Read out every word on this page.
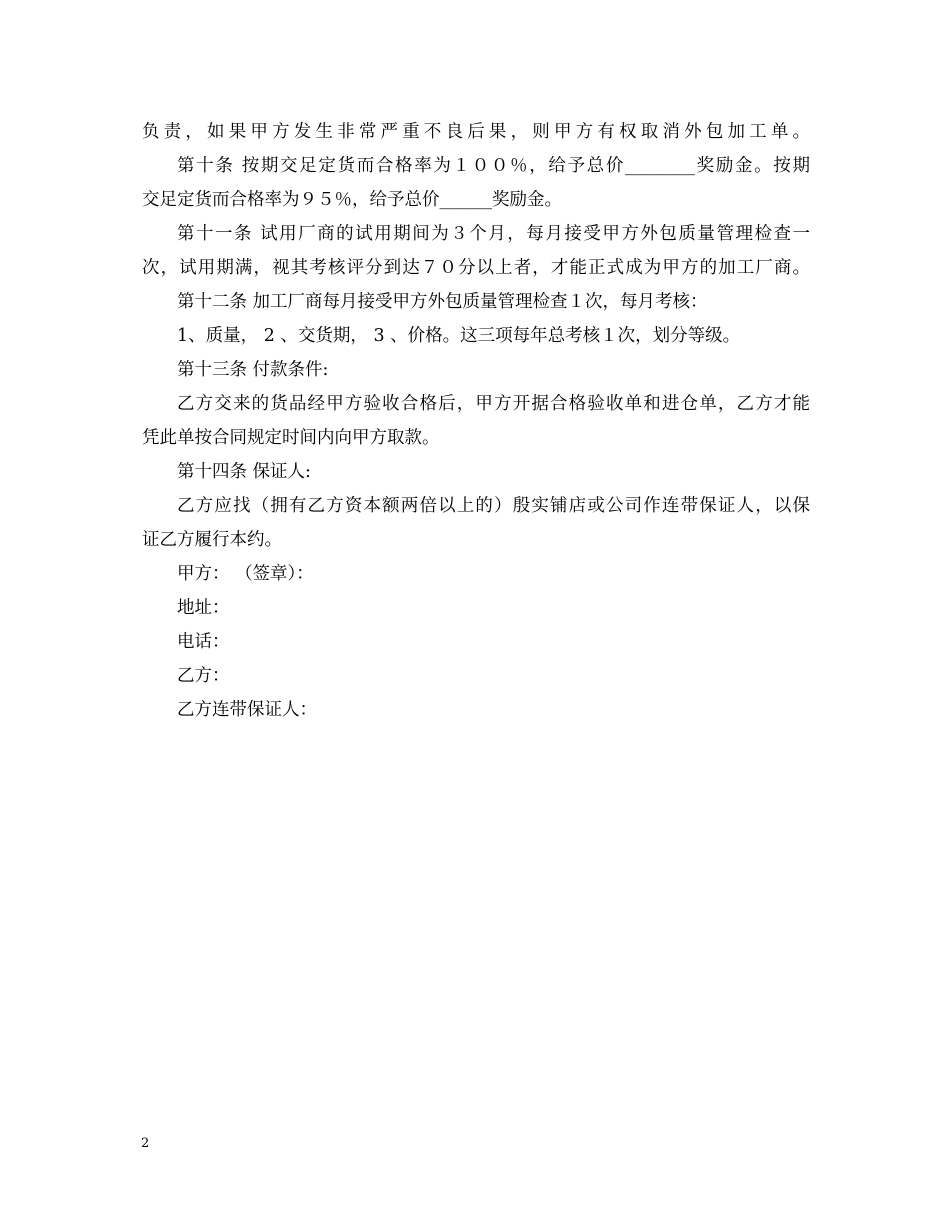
负责，如果甲方发生非常严重不良后果，则甲方有权取消外包加工单。
第十条 按期交足定货而合格率为１００％，给予总价________奖励金。按期
交足定货而合格率为９５％，给予总价______奖励金。
第十一条 试用厂商的试用期间为３个月，每月接受甲方外包质量管理检查一
次，试用期满，视其考核评分到达７０分以上者，才能正式成为甲方的加工厂商。
第十二条 加工厂商每月接受甲方外包质量管理检查１次，每月考核：
1、质量， 2 、交货期， 3 、价格。这三项每年总考核１次，划分等级。
第十三条 付款条件:
乙方交来的货品经甲方验收合格后，甲方开据合格验收单和进仓单，乙方才能
凭此单按合同规定时间内向甲方取款。
第十四条 保证人:
乙方应找（拥有乙方资本额两倍以上的）殷实铺店或公司作连带保证人，以保
证乙方履行本约。
甲方： （签章）：
地址：
电话：
乙方：
乙方连带保证人：
2
